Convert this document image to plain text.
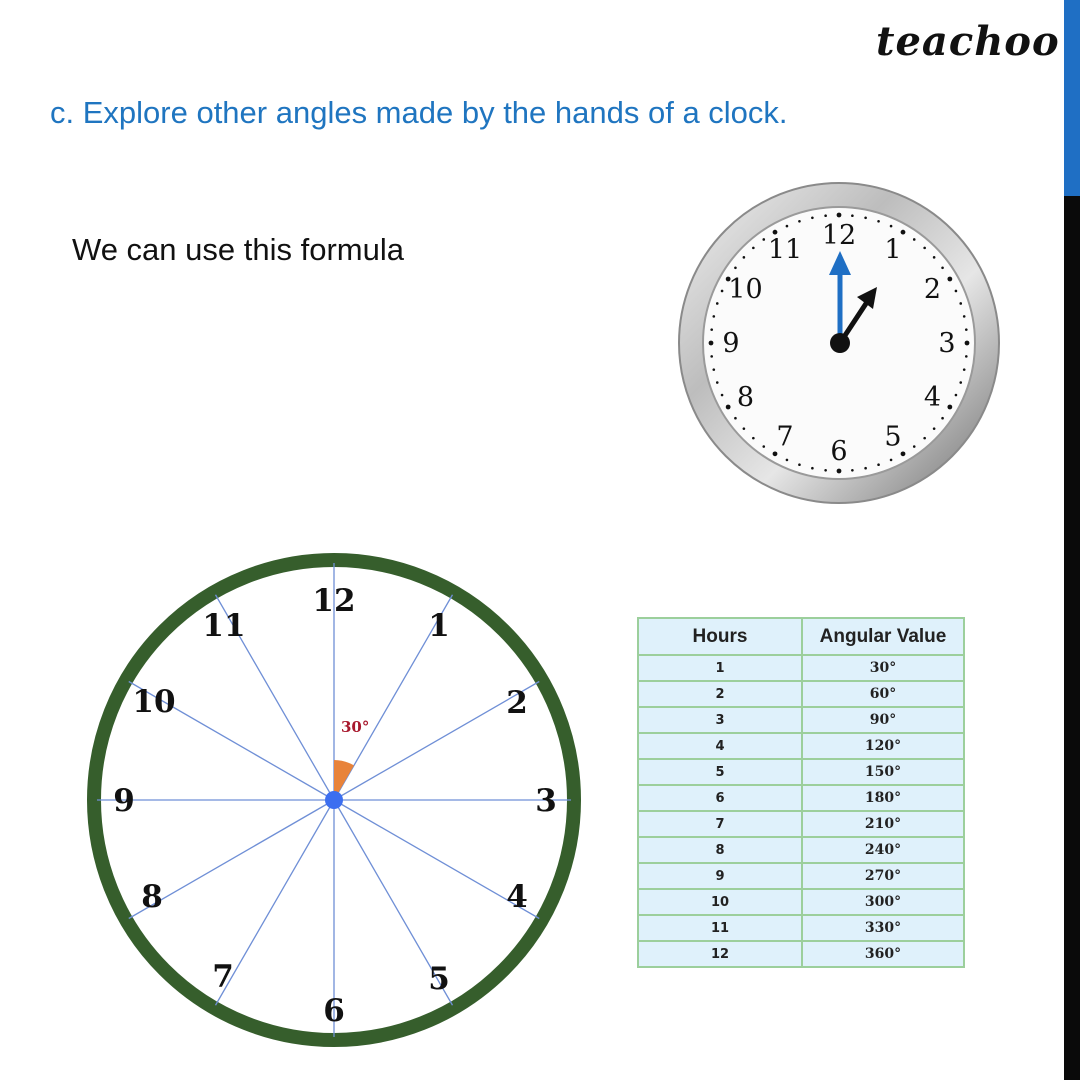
teachoo
c. Explore other angles made by the hands of a clock.
We can use this formula	12 1
2
3
4
5
6
7
8
9
10
11
30°
12
1
2
3
4
5
6
7
8
9
10
11	Hours	Angular Value
1	30°
2	60°
3	90°
4	120°
5	150°
6	180°
7	210°
8	240°
9	270°
10	300°
11	330°
12	360°
